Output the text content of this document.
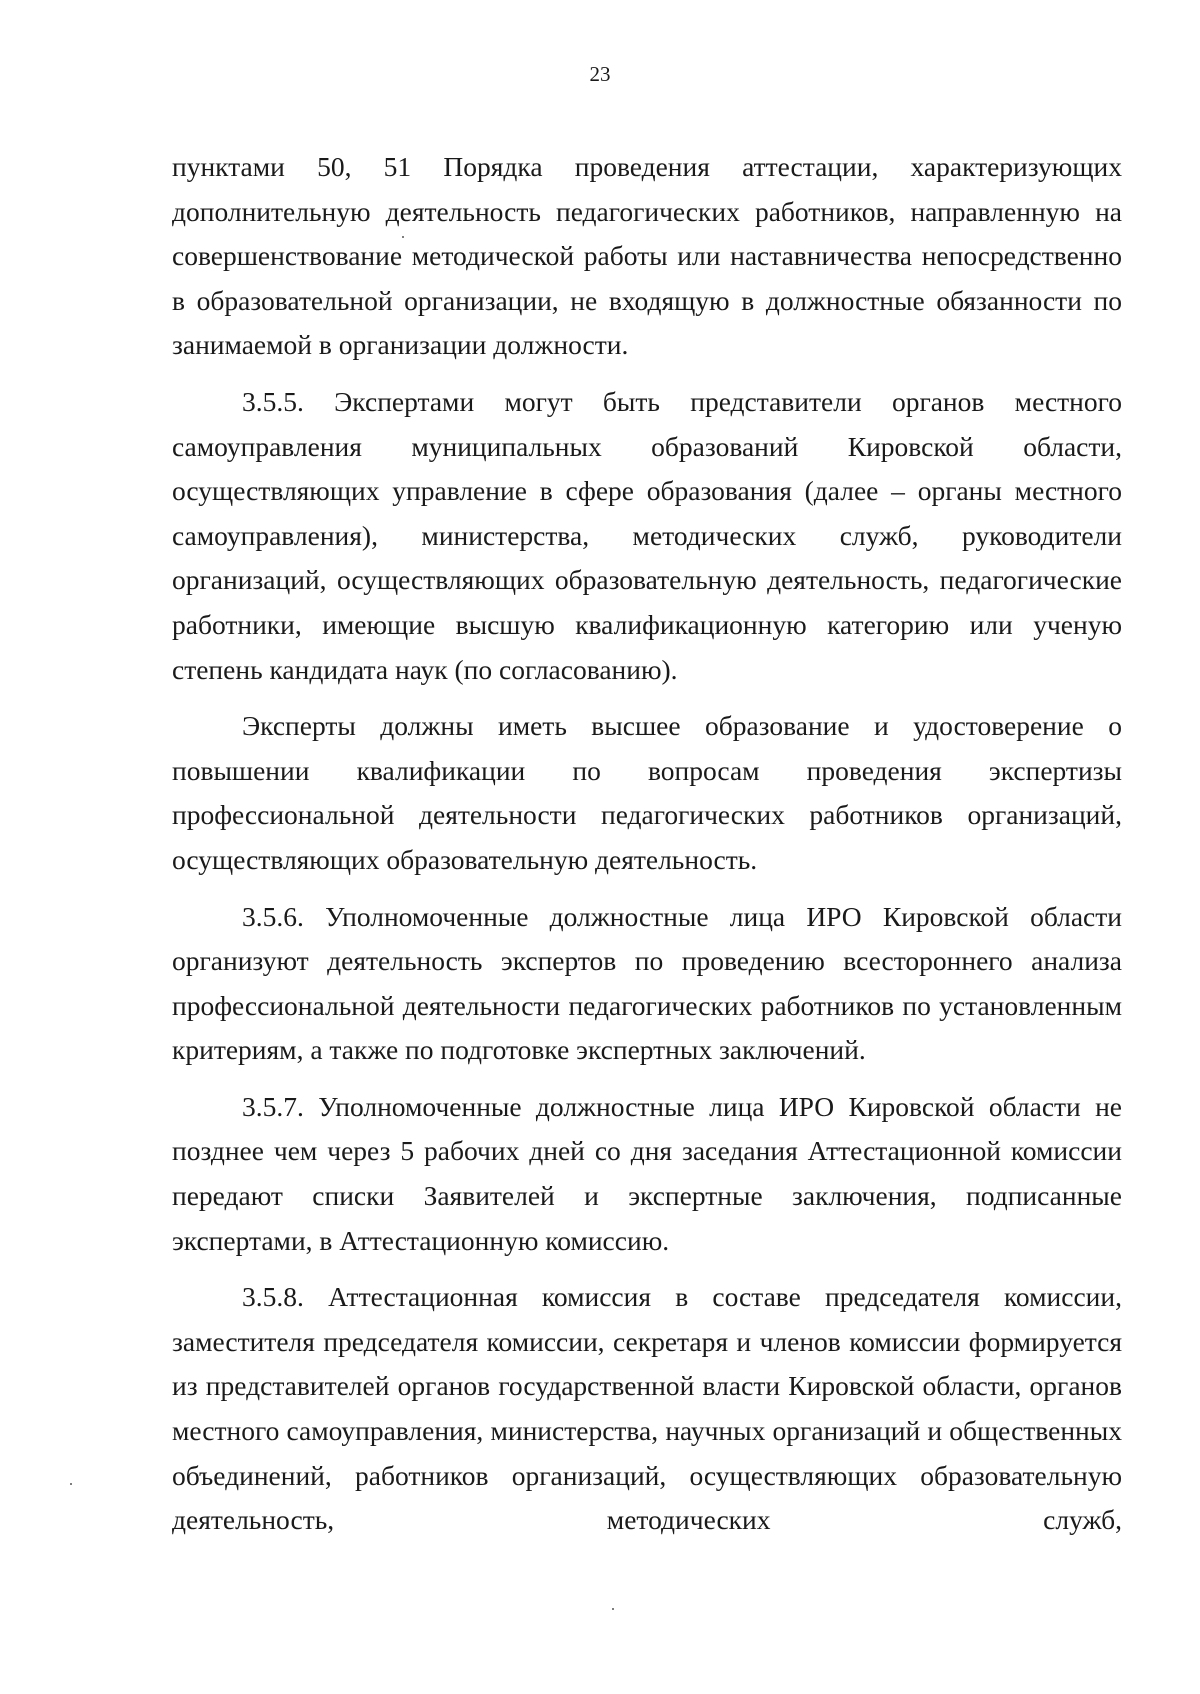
23

пунктами 50, 51 Порядка проведения аттестации, характеризующих дополнительную деятельность педагогических работников, направленную на совершенствование методической работы или наставничества непосредственно в образовательной организации, не входящую в должностные обязанности по занимаемой в организации должности.

3.5.5. Экспертами могут быть представители органов местного самоуправления муниципальных образований Кировской области, осуществляющих управление в сфере образования (далее – органы местного самоуправления), министерства, методических служб, руководители организаций, осуществляющих образовательную деятельность, педагогические работники, имеющие высшую квалификационную категорию или ученую степень кандидата наук (по согласованию).

Эксперты должны иметь высшее образование и удостоверение о повышении квалификации по вопросам проведения экспертизы профессиональной деятельности педагогических работников организаций, осуществляющих образовательную деятельность.

3.5.6. Уполномоченные должностные лица ИРО Кировской области организуют деятельность экспертов по проведению всестороннего анализа профессиональной деятельности педагогических работников по установленным критериям, а также по подготовке экспертных заключений.

3.5.7. Уполномоченные должностные лица ИРО Кировской области не позднее чем через 5 рабочих дней со дня заседания Аттестационной комиссии передают списки Заявителей и экспертные заключения, подписанные экспертами, в Аттестационную комиссию.

3.5.8. Аттестационная комиссия в составе председателя комиссии, заместителя председателя комиссии, секретаря и членов комиссии формируется из представителей органов государственной власти Кировской области, органов местного самоуправления, министерства, научных организаций и общественных объединений, работников организаций, осуществляющих образовательную деятельность, методических служб,
